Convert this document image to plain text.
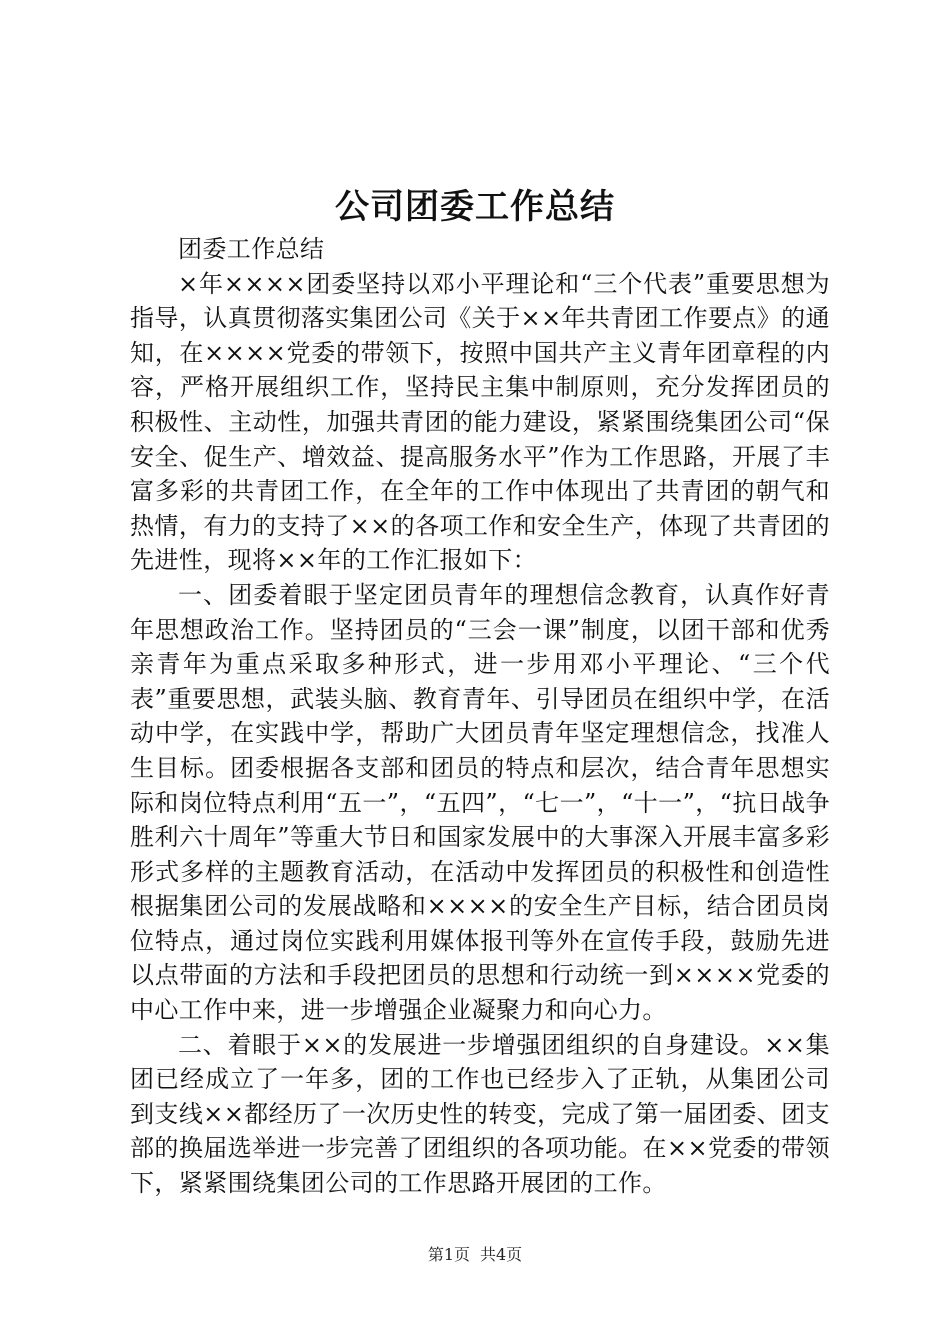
公司团委工作总结

团委工作总结

×年××××团委坚持以邓小平理论和“三个代表”重要思想为指导，认真贯彻落实集团公司《关于××年共青团工作要点》的通知，在××××党委的带领下，按照中国共产主义青年团章程的内容，严格开展组织工作，坚持民主集中制原则，充分发挥团员的积极性、主动性，加强共青团的能力建设，紧紧围绕集团公司“保安全、促生产、增效益、提高服务水平”作为工作思路，开展了丰富多彩的共青团工作，在全年的工作中体现出了共青团的朝气和热情，有力的支持了××的各项工作和安全生产，体现了共青团的先进性，现将××年的工作汇报如下：

一、团委着眼于坚定团员青年的理想信念教育，认真作好青年思想政治工作。坚持团员的“三会一课”制度，以团干部和优秀亲青年为重点采取多种形式，进一步用邓小平理论、“三个代表”重要思想，武装头脑、教育青年、引导团员在组织中学，在活动中学，在实践中学，帮助广大团员青年坚定理想信念，找准人生目标。团委根据各支部和团员的特点和层次，结合青年思想实际和岗位特点利用“五一”，“五四”，“七一”，“十一”，“抗日战争胜利六十周年”等重大节日和国家发展中的大事深入开展丰富多彩形式多样的主题教育活动，在活动中发挥团员的积极性和创造性根据集团公司的发展战略和××××的安全生产目标，结合团员岗位特点，通过岗位实践利用媒体报刊等外在宣传手段，鼓励先进以点带面的方法和手段把团员的思想和行动统一到××××党委的中心工作中来，进一步增强企业凝聚力和向心力。

二、着眼于××的发展进一步增强团组织的自身建设。××集团已经成立了一年多，团的工作也已经步入了正轨，从集团公司到支线××都经历了一次历史性的转变，完成了第一届团委、团支部的换届选举进一步完善了团组织的各项功能。在××党委的带领下，紧紧围绕集团公司的工作思路开展团的工作。

第1页 共4页
